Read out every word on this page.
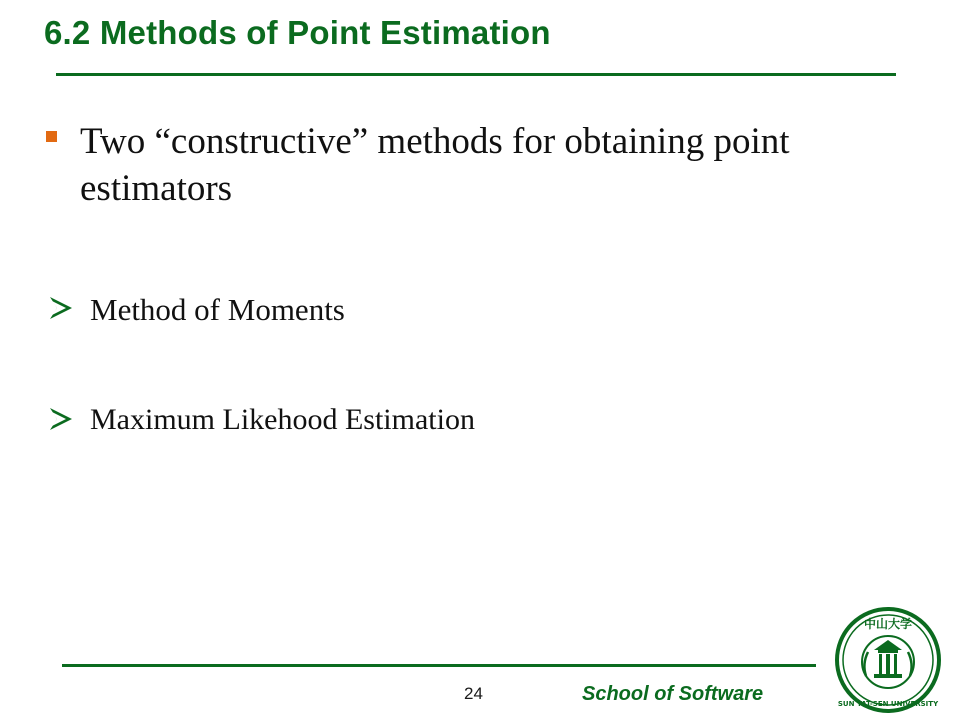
6.2 Methods of Point Estimation
Two “constructive” methods for obtaining point estimators
Method of Moments
Maximum Likehood Estimation
24	School of Software
中山大学
SUN YAT-SEN UNIVERSITY
